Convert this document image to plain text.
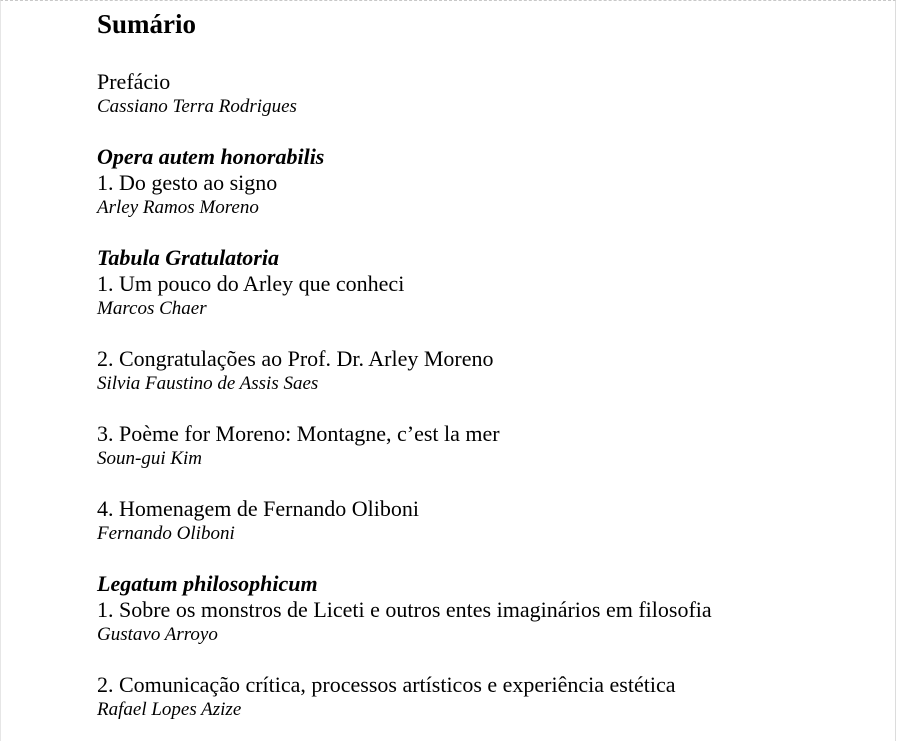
Sumário
Prefácio
Cassiano Terra Rodrigues
Opera autem honorabilis
1. Do gesto ao signo
Arley Ramos Moreno
Tabula Gratulatoria
1. Um pouco do Arley que conheci
Marcos Chaer
2. Congratulações ao Prof. Dr. Arley Moreno
Silvia Faustino de Assis Saes
3. Poème for Moreno: Montagne, c’est la mer
Soun-gui Kim
4. Homenagem de Fernando Oliboni
Fernando Oliboni
Legatum philosophicum
1. Sobre os monstros de Liceti e outros entes imaginários em filosofia
Gustavo Arroyo
2. Comunicação crítica, processos artísticos e experiência estética
Rafael Lopes Azize
